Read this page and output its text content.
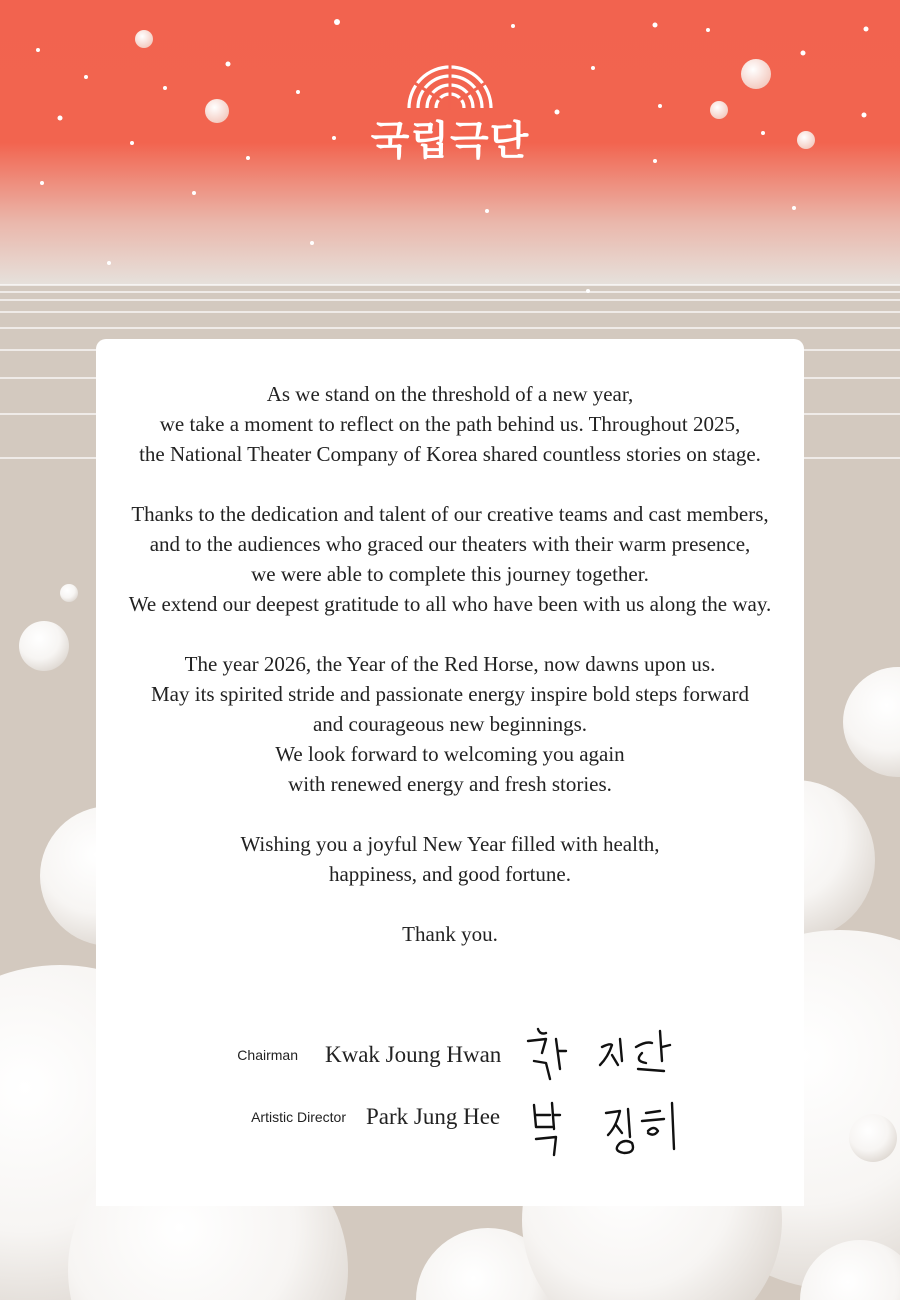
국립극단

As we stand on the threshold of a new year,
we take a moment to reflect on the path behind us. Throughout 2025,
the National Theater Company of Korea shared countless stories on stage.

Thanks to the dedication and talent of our creative teams and cast members,
and to the audiences who graced our theaters with their warm presence,
we were able to complete this journey together.
We extend our deepest gratitude to all who have been with us along the way.

The year 2026, the Year of the Red Horse, now dawns upon us.
May its spirited stride and passionate energy inspire bold steps forward
and courageous new beginnings.
We look forward to welcoming you again
with renewed energy and fresh stories.

Wishing you a joyful New Year filled with health,
happiness, and good fortune.

Thank you.

Chairman Kwak Joung Hwan
Artistic Director Park Jung Hee
